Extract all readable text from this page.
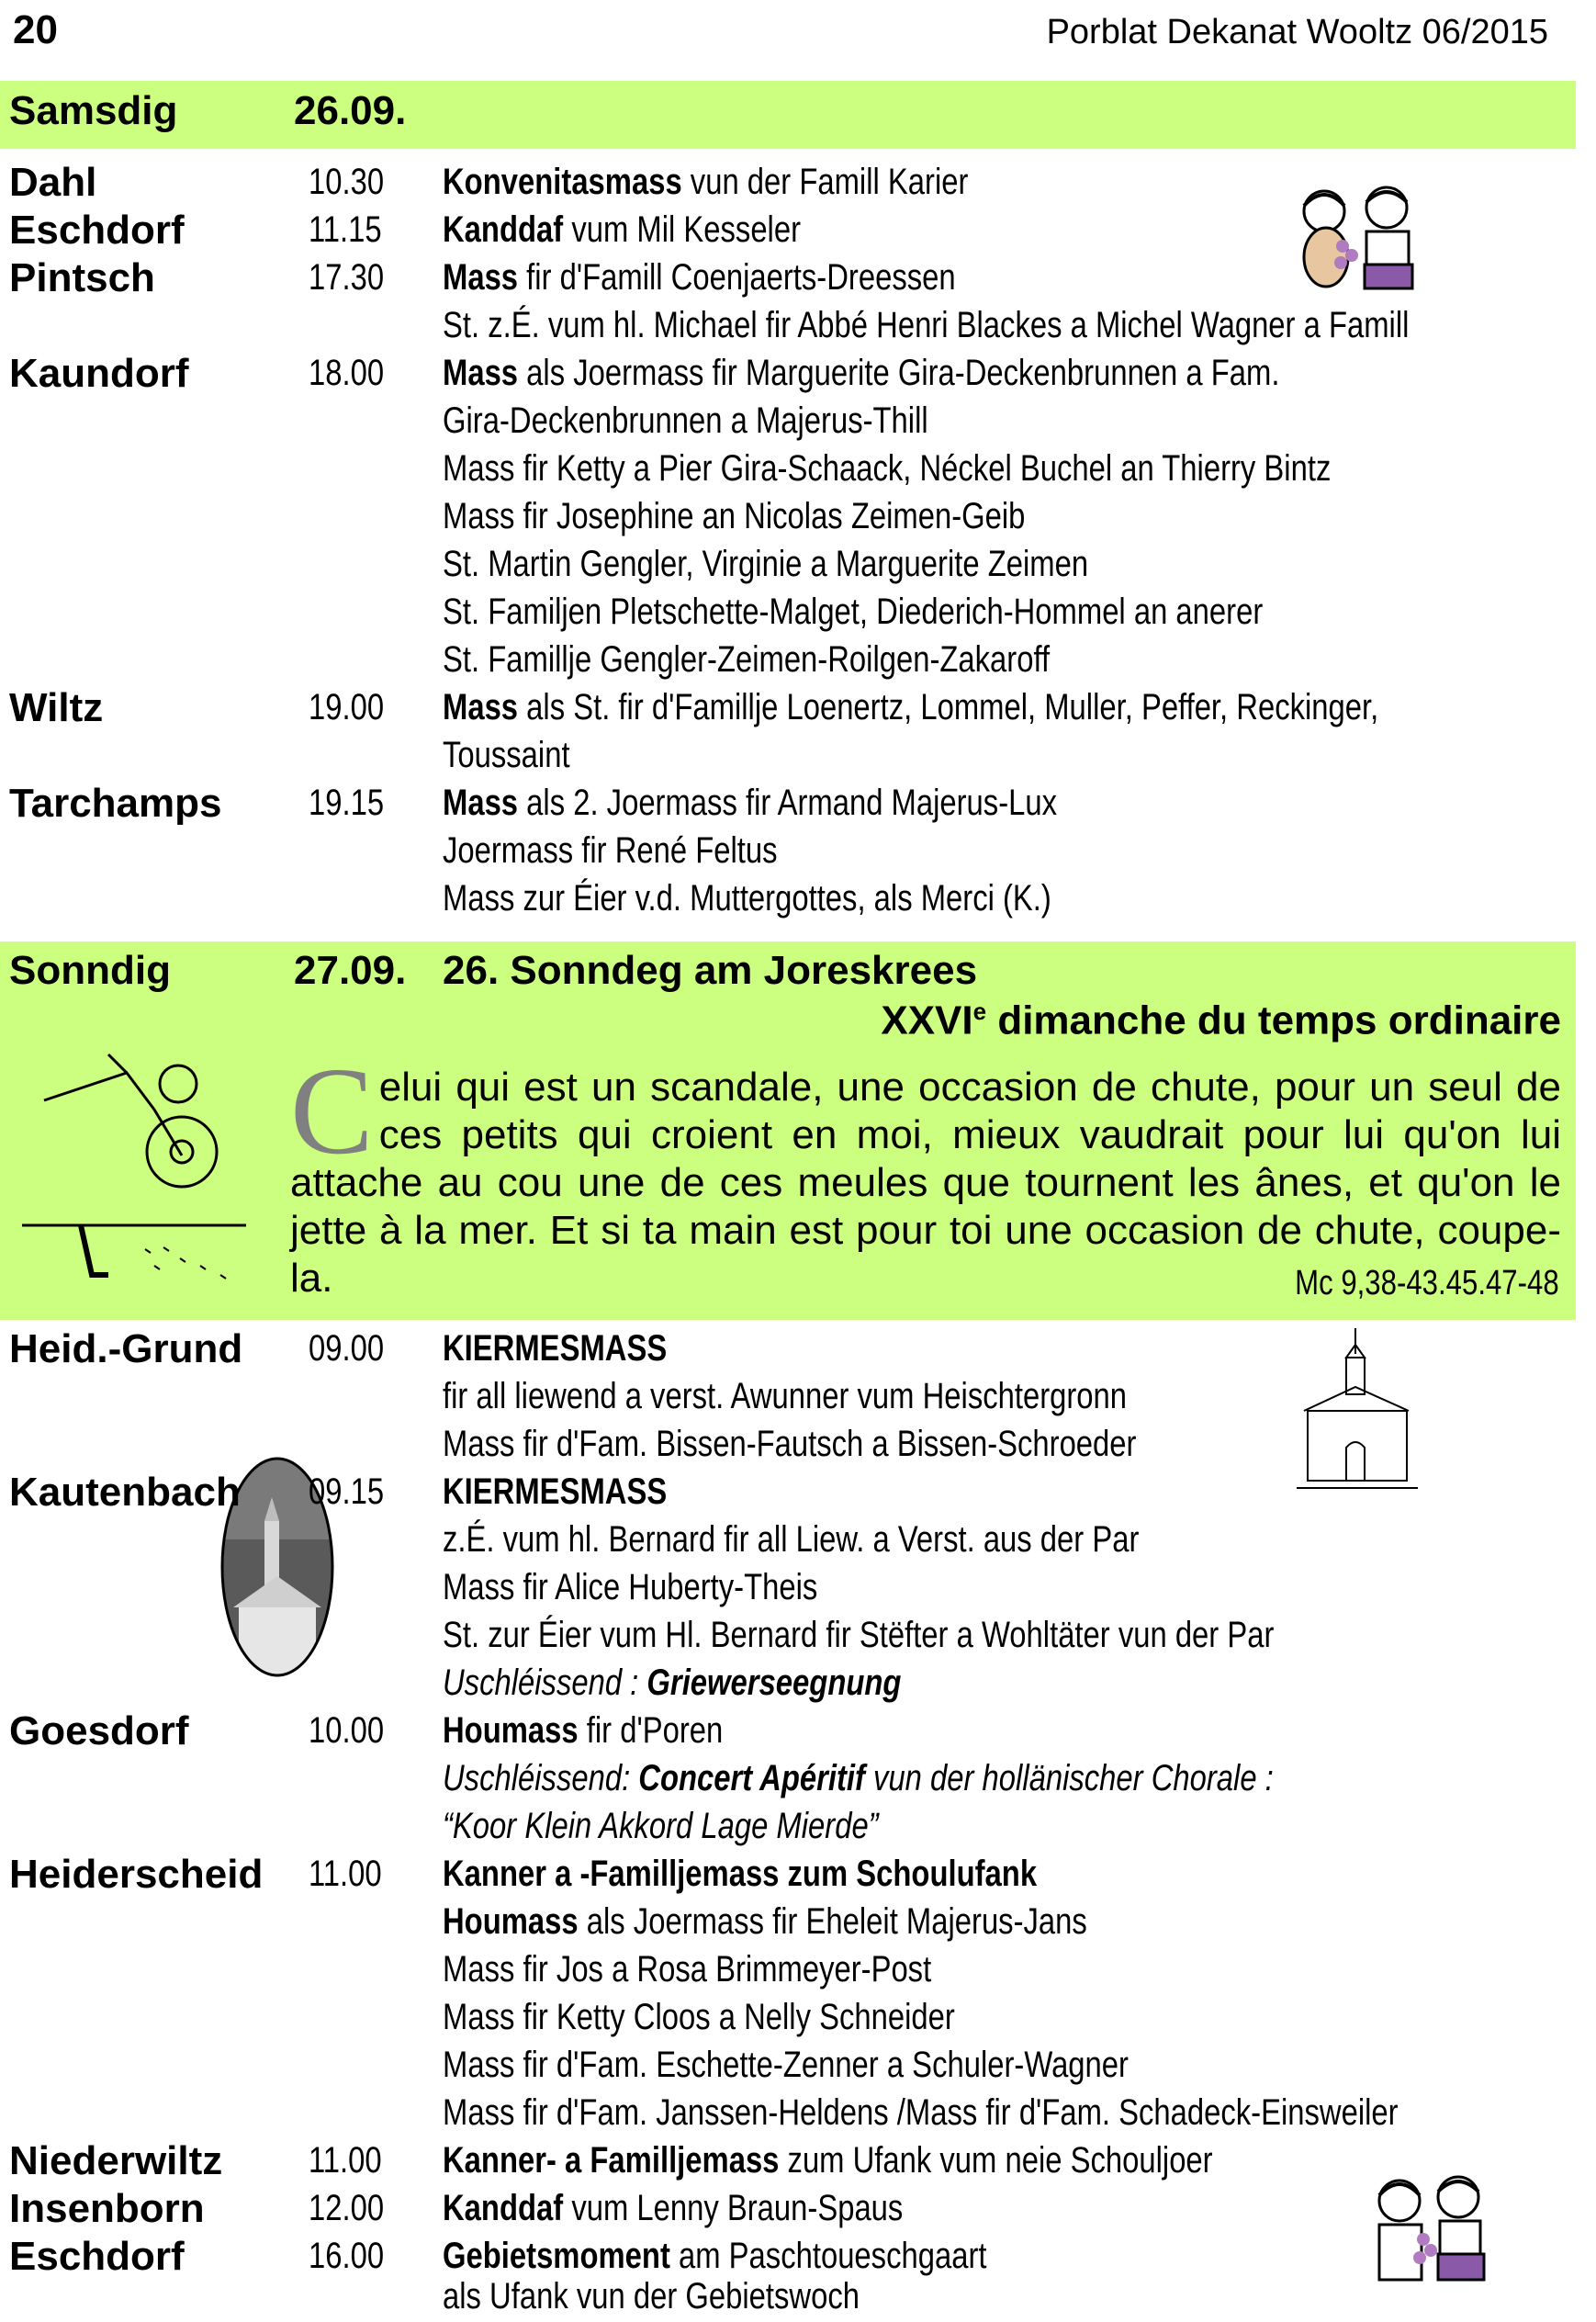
20	Porblat Dekanat Wooltz 06/2015
Samsdig	26.09.
Sonndig	27.09. 26. Sonndeg am Joreskrees
XXVIe dimanche du temps ordinaire
Celui qui est un scandale, une occasion de chute, pour un seul de ces petits qui croient en moi, mieux vaudrait pour lui qu'on lui attache au cou une de ces meules que tournent les ânes, et qu'on le jette à la mer. Et si ta main est pour toi une occasion de chute, coupe-la.	Mc 9,38-43.45.47-48
Dahl	10.30	Konvenitasmass vun der Famill Karier
Eschdorf	11.15	Kanddaf vum Mil Kesseler
Pintsch	17.30	Mass fir d'Famill Coenjaerts-Dreessen
St. z.É. vum hl. Michael fir Abbé Henri Blackes a Michel Wagner a Famill
Kaundorf	18.00	Mass als Joermass fir Marguerite Gira-Deckenbrunnen a Fam.
Gira-Deckenbrunnen a Majerus-Thill
Mass fir Ketty a Pier Gira-Schaack, Néckel Buchel an Thierry Bintz
Mass fir Josephine an Nicolas Zeimen-Geib
St. Martin Gengler, Virginie a Marguerite Zeimen
St. Familjen Pletschette-Malget, Diederich-Hommel an anerer
St. Famillje Gengler-Zeimen-Roilgen-Zakaroff
Wiltz	19.00	Mass als St. fir d'Famillje Loenertz, Lommel, Muller, Peffer, Reckinger,
Toussaint
Tarchamps 19.15	Mass als 2. Joermass fir Armand Majerus-Lux
Joermass fir René Feltus
Mass zur Éier v.d. Muttergottes, als Merci (K.)
Heid.-Grund 09.00	KIERMESMASS
fir all liewend a verst. Awunner vum Heischtergronn
Mass fir d'Fam. Bissen-Fautsch a Bissen-Schroeder
Kautenbach 09.15	KIERMESMASS
z.É. vum hl. Bernard fir all Liew. a Verst. aus der Par
Mass fir Alice Huberty-Theis
St. zur Éier vum Hl. Bernard fir Stëfter a Wohltäter vun der Par
Uschléissend : Griewerseegnung
Goesdorf	10.00	Houmass fir d'Poren
Uschléissend: Concert Apéritif vun der hollänischer Chorale :
“Koor Klein Akkord Lage Mierde”
Heiderscheid 11.00	Kanner a -Familljemass zum Schoulufank
Houmass als Joermass fir Eheleit Majerus-Jans
Mass fir Jos a Rosa Brimmeyer-Post
Mass fir Ketty Cloos a Nelly Schneider
Mass fir d'Fam. Eschette-Zenner a Schuler-Wagner
Mass fir d'Fam. Janssen-Heldens /Mass fir d'Fam. Schadeck-Einsweiler
Niederwiltz 11.00	Kanner- a Familljemass zum Ufank vum neie Schouljoer
Insenborn	12.00	Kanddaf vum Lenny Braun-Spaus
Eschdorf	16.00	Gebietsmoment am Paschtoueschgaart
als Ufank vun der Gebietswoch
